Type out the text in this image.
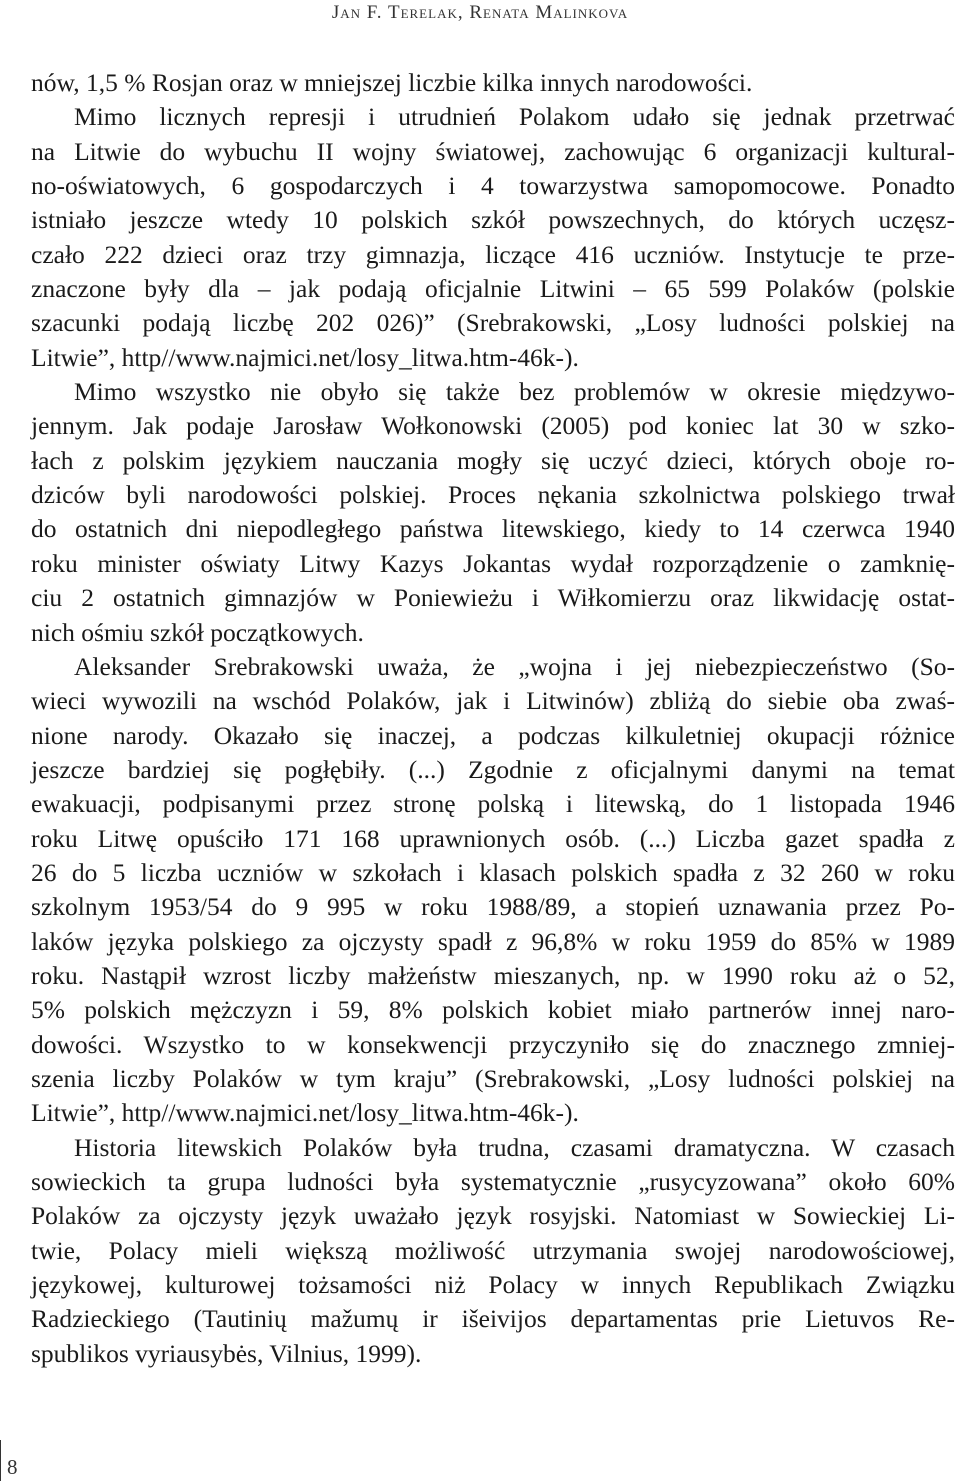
Jan F. Terelak, Renata Malinkova
nów, 1,5 % Rosjan oraz w mniejszej liczbie kilka innych narodowości.
Mimo licznych represji i utrudnień Polakom udało się jednak przetrwać
na Litwie do wybuchu II wojny światowej, zachowując 6 organizacji kultural-
no-oświatowych, 6 gospodarczych i 4 towarzystwa samopomocowe. Ponadto
istniało jeszcze wtedy 10 polskich szkół powszechnych, do których uczęsz-
czało 222 dzieci oraz trzy gimnazja, liczące 416 uczniów. Instytucje te prze-
znaczone były dla – jak podają oficjalnie Litwini – 65 599 Polaków (polskie
szacunki podają liczbę 202 026)” (Srebrakowski, „Losy ludności polskiej na
Litwie”, http//www.najmici.net/losy_litwa.htm-46k-).
Mimo wszystko nie obyło się także bez problemów w okresie międzywo-
jennym. Jak podaje Jarosław Wołkonowski (2005) pod koniec lat 30 w szko-
łach z polskim językiem nauczania mogły się uczyć dzieci, których oboje ro-
dziców byli narodowości polskiej. Proces nękania szkolnictwa polskiego trwał
do ostatnich dni niepodległego państwa litewskiego, kiedy to 14 czerwca 1940
roku minister oświaty Litwy Kazys Jokantas wydał rozporządzenie o zamknię-
ciu 2 ostatnich gimnazjów w Poniewieżu i Wiłkomierzu oraz likwidację ostat-
nich ośmiu szkół początkowych.
Aleksander Srebrakowski uważa, że „wojna i jej niebezpieczeństwo (So-
wieci wywozili na wschód Polaków, jak i Litwinów) zbliżą do siebie oba zwaś-
nione narody. Okazało się inaczej, a podczas kilkuletniej okupacji różnice
jeszcze bardziej się pogłębiły. (...) Zgodnie z oficjalnymi danymi na temat
ewakuacji, podpisanymi przez stronę polską i litewską, do 1 listopada 1946
roku Litwę opuściło 171 168 uprawnionych osób. (...) Liczba gazet spadła z
26 do 5 liczba uczniów w szkołach i klasach polskich spadła z 32 260 w roku
szkolnym 1953/54 do 9 995 w roku 1988/89, a stopień uznawania przez Po-
laków języka polskiego za ojczysty spadł z 96,8% w roku 1959 do 85% w 1989
roku. Nastąpił wzrost liczby małżeństw mieszanych, np. w 1990 roku aż o 52,
5% polskich mężczyzn i 59, 8% polskich kobiet miało partnerów innej naro-
dowości. Wszystko to w konsekwencji przyczyniło się do znacznego zmniej-
szenia liczby Polaków w tym kraju” (Srebrakowski, „Losy ludności polskiej na
Litwie”, http//www.najmici.net/losy_litwa.htm-46k-).
Historia litewskich Polaków była trudna, czasami dramatyczna. W czasach
sowieckich ta grupa ludności była systematycznie „rusycyzowana” około 60%
Polaków za ojczysty język uważało język rosyjski. Natomiast w Sowieckiej Li-
twie, Polacy mieli większą możliwość utrzymania swojej narodowościowej,
językowej, kulturowej tożsamości niż Polacy w innych Republikach Związku
Radzieckiego (Tautinių mažumų ir išeivijos departamentas prie Lietuvos Re-
spublikos vyriausybės, Vilnius, 1999).
8
